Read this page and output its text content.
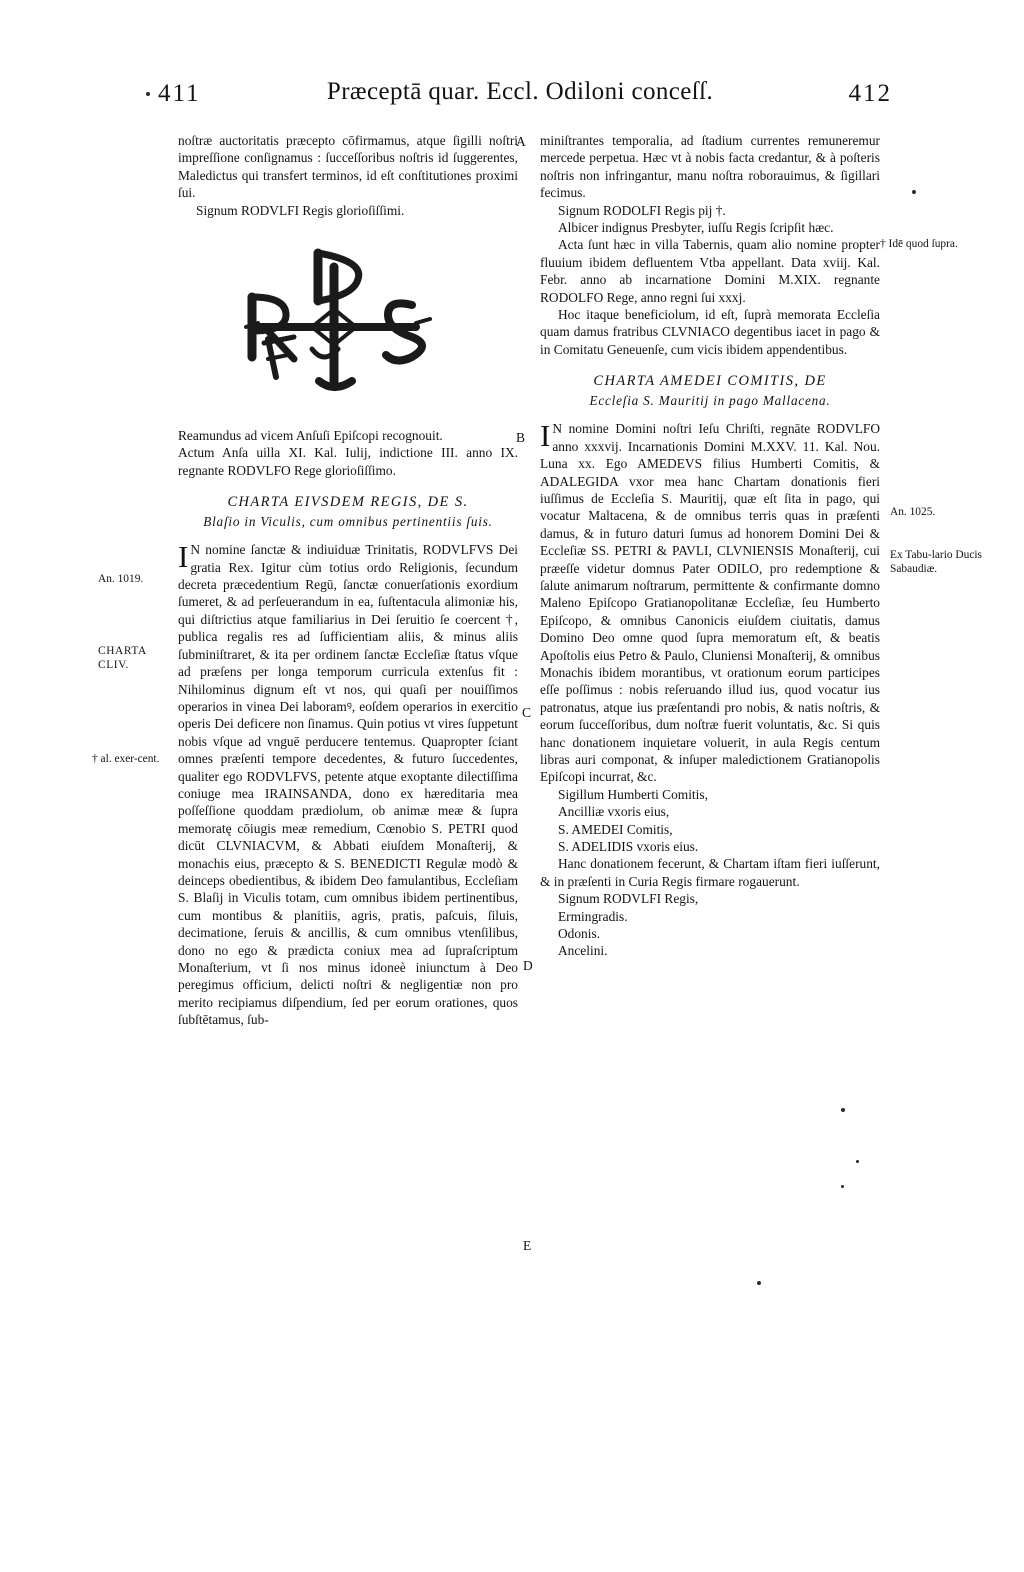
411	Præceptā quar. Eccl. Odiloni conceſſ.	412
A
B
C
D
E
An. 1019.
CHARTA CLIV.
† al. exer-cent.
† Idē quod ſupra.
An. 1025.
Ex Tabu-lario Ducis Sabaudiæ.

noſtræ auctoritatis præcepto cōfirmamus, atque ſigilli noſtri impreſſione conſignamus : ſucceſſoribus noſtris id ſuggerentes, Maledictus qui transfert terminos, id eſt conſtitutiones proximi ſui.

Signum RODVLFI Regis glorioſiſſimi.

Reamundus ad vicem Anſuſi Epiſcopi recognouit.

Actum Anſa uilla XI. Kal. Iulij, indictione III. anno IX. regnante RODVLFO Rege glorioſiſſimo.

CHARTA EIVSDEM REGIS, DE S.
Blaſio in Viculis, cum omnibus pertinentiis ſuis.
I N nomine ſanctæ & indiuiduæ Trinitatis, RODVLFVS Dei gratia Rex. Igitur cùm totius ordo Religionis, ſecundum decreta præcedentium Regū, ſanctæ conuerſationis exordium ſumeret, & ad perſeuerandum in ea, ſuſtentacula alimoniæ his, qui diſtrictius atque familiarius in Dei ſeruitio ſe coercent †, publica regalis res ad ſufficientiam aliis, & minus aliis ſubminiſtraret, & ita per ordinem ſanctæ Eccleſiæ ſtatus vſque ad præſens per longa temporum curricula extenſus fit : Nihilominus dignum eſt vt nos, qui quaſi per nouiſſimos operarios in vinea Dei laboramꝰ, eoſdem operarios in exercitio operis Dei deficere non ſinamus. Quin potius vt vires ſuppetunt nobis vſque ad vnguē perducere tentemus. Quapropter ſciant omnes præſenti tempore decedentes, & futuro ſuccedentes, qualiter ego RODVLFVS, petente atque exoptante dilectiſſima coniuge mea IRAINSANDA, dono ex hæreditaria mea poſſeſſione quoddam prædiolum, ob animæ meæ & ſupra memoratę cōiugis meæ remedium, Cœnobio S. PETRI quod dicūt CLVNIACVM, & Abbati eiuſdem Monaſterij, & monachis eius, præcepto & S. BENEDICTI Regulæ modò & deinceps obedientibus, & ibidem Deo famulantibus, Eccleſiam S. Blaſij in Viculis totam, cum omnibus ibidem pertinentibus, cum montibus & planitiis, agris, pratis, paſcuis, ſiluis, decimatione, ſeruis & ancillis, & cum omnibus vtenſilibus, dono no ego & prædicta coniux mea ad ſupraſcriptum Monaſterium, vt ſi nos minus idoneè iniunctum à Deo peregimus officium, delicti noſtri & negligentiæ non pro merito recipiamus diſpendium, ſed per eorum orationes, quos ſubſtētamus, ſub-

miniſtrantes temporalia, ad ſtadium currentes remuneremur mercede perpetua. Hæc vt à nobis facta credantur, & à poſteris noſtris non infringantur, manu noſtra roborauimus, & ſigillari fecimus.

Signum RODOLFI Regis pij †.

Albicer indignus Presbyter, iuſſu Regis ſcripſit hæc.

Acta ſunt hæc in villa Tabernis, quam alio nomine propter fluuium ibidem defluentem Vtba appellant. Data xviij. Kal. Febr. anno ab incarnatione Domini M.XIX. regnante RODOLFO Rege, anno regni ſui xxxj.

Hoc itaque beneficiolum, id eſt, ſuprà memorata Eccleſia quam damus fratribus CLVNIACO degentibus iacet in pago & in Comitatu Geneuenſe, cum vicis ibidem appendentibus.

CHARTA AMEDEI COMITIS, DE
Eccleſia S. Mauritij in pago Mallacena.
I N nomine Domini noſtri Ieſu Chriſti, regnāte RODVLFO anno xxxvij. Incarnationis Domini M.XXV. 11. Kal. Nou. Luna xx. Ego AMEDEVS filius Humberti Comitis, & ADALEGIDA vxor mea hanc Chartam donationis fieri iuſſimus de Eccleſia S. Mauritij, quæ eſt ſita in pago, qui vocatur Maltacena, & de omnibus terris quas in præſenti damus, & in futuro daturi ſumus ad honorem Domini Dei & Eccleſiæ SS. PETRI & PAVLI, CLVNIENSIS Monaſterij, cui præeſſe videtur domnus Pater ODILO, pro redemptione & ſalute animarum noſtrarum, permittente & confirmante domno Maleno Epiſcopo Gratianopolitanæ Eccleſiæ, ſeu Humberto Epiſcopo, & omnibus Canonicis eiuſdem ciuitatis, damus Domino Deo omne quod ſupra memoratum eſt, & beatis Apoſtolis eius Petro & Paulo, Cluniensi Monaſterij, & omnibus Monachis ibidem morantibus, vt orationum eorum participes eſſe poſſimus : nobis reſeruando illud ius, quod vocatur ius patronatus, atque ius præſentandi pro nobis, & natis noſtris, & eorum ſucceſſoribus, dum noſtræ fuerit voluntatis, &c. Si quis hanc donationem inquietare voluerit, in aula Regis centum libras auri componat, & inſuper maledictionem Gratianopolis Epiſcopi incurrat, &c.

Sigillum Humberti Comitis,

Ancilliæ vxoris eius,

S. AMEDEI Comitis,

S. ADELIDIS vxoris eius.

Hanc donationem fecerunt, & Chartam iſtam fieri iuſſerunt, & in præſenti in Curia Regis firmare rogauerunt.

Signum RODVLFI Regis,

Ermingradis.

Odonis.

Ancelini.
